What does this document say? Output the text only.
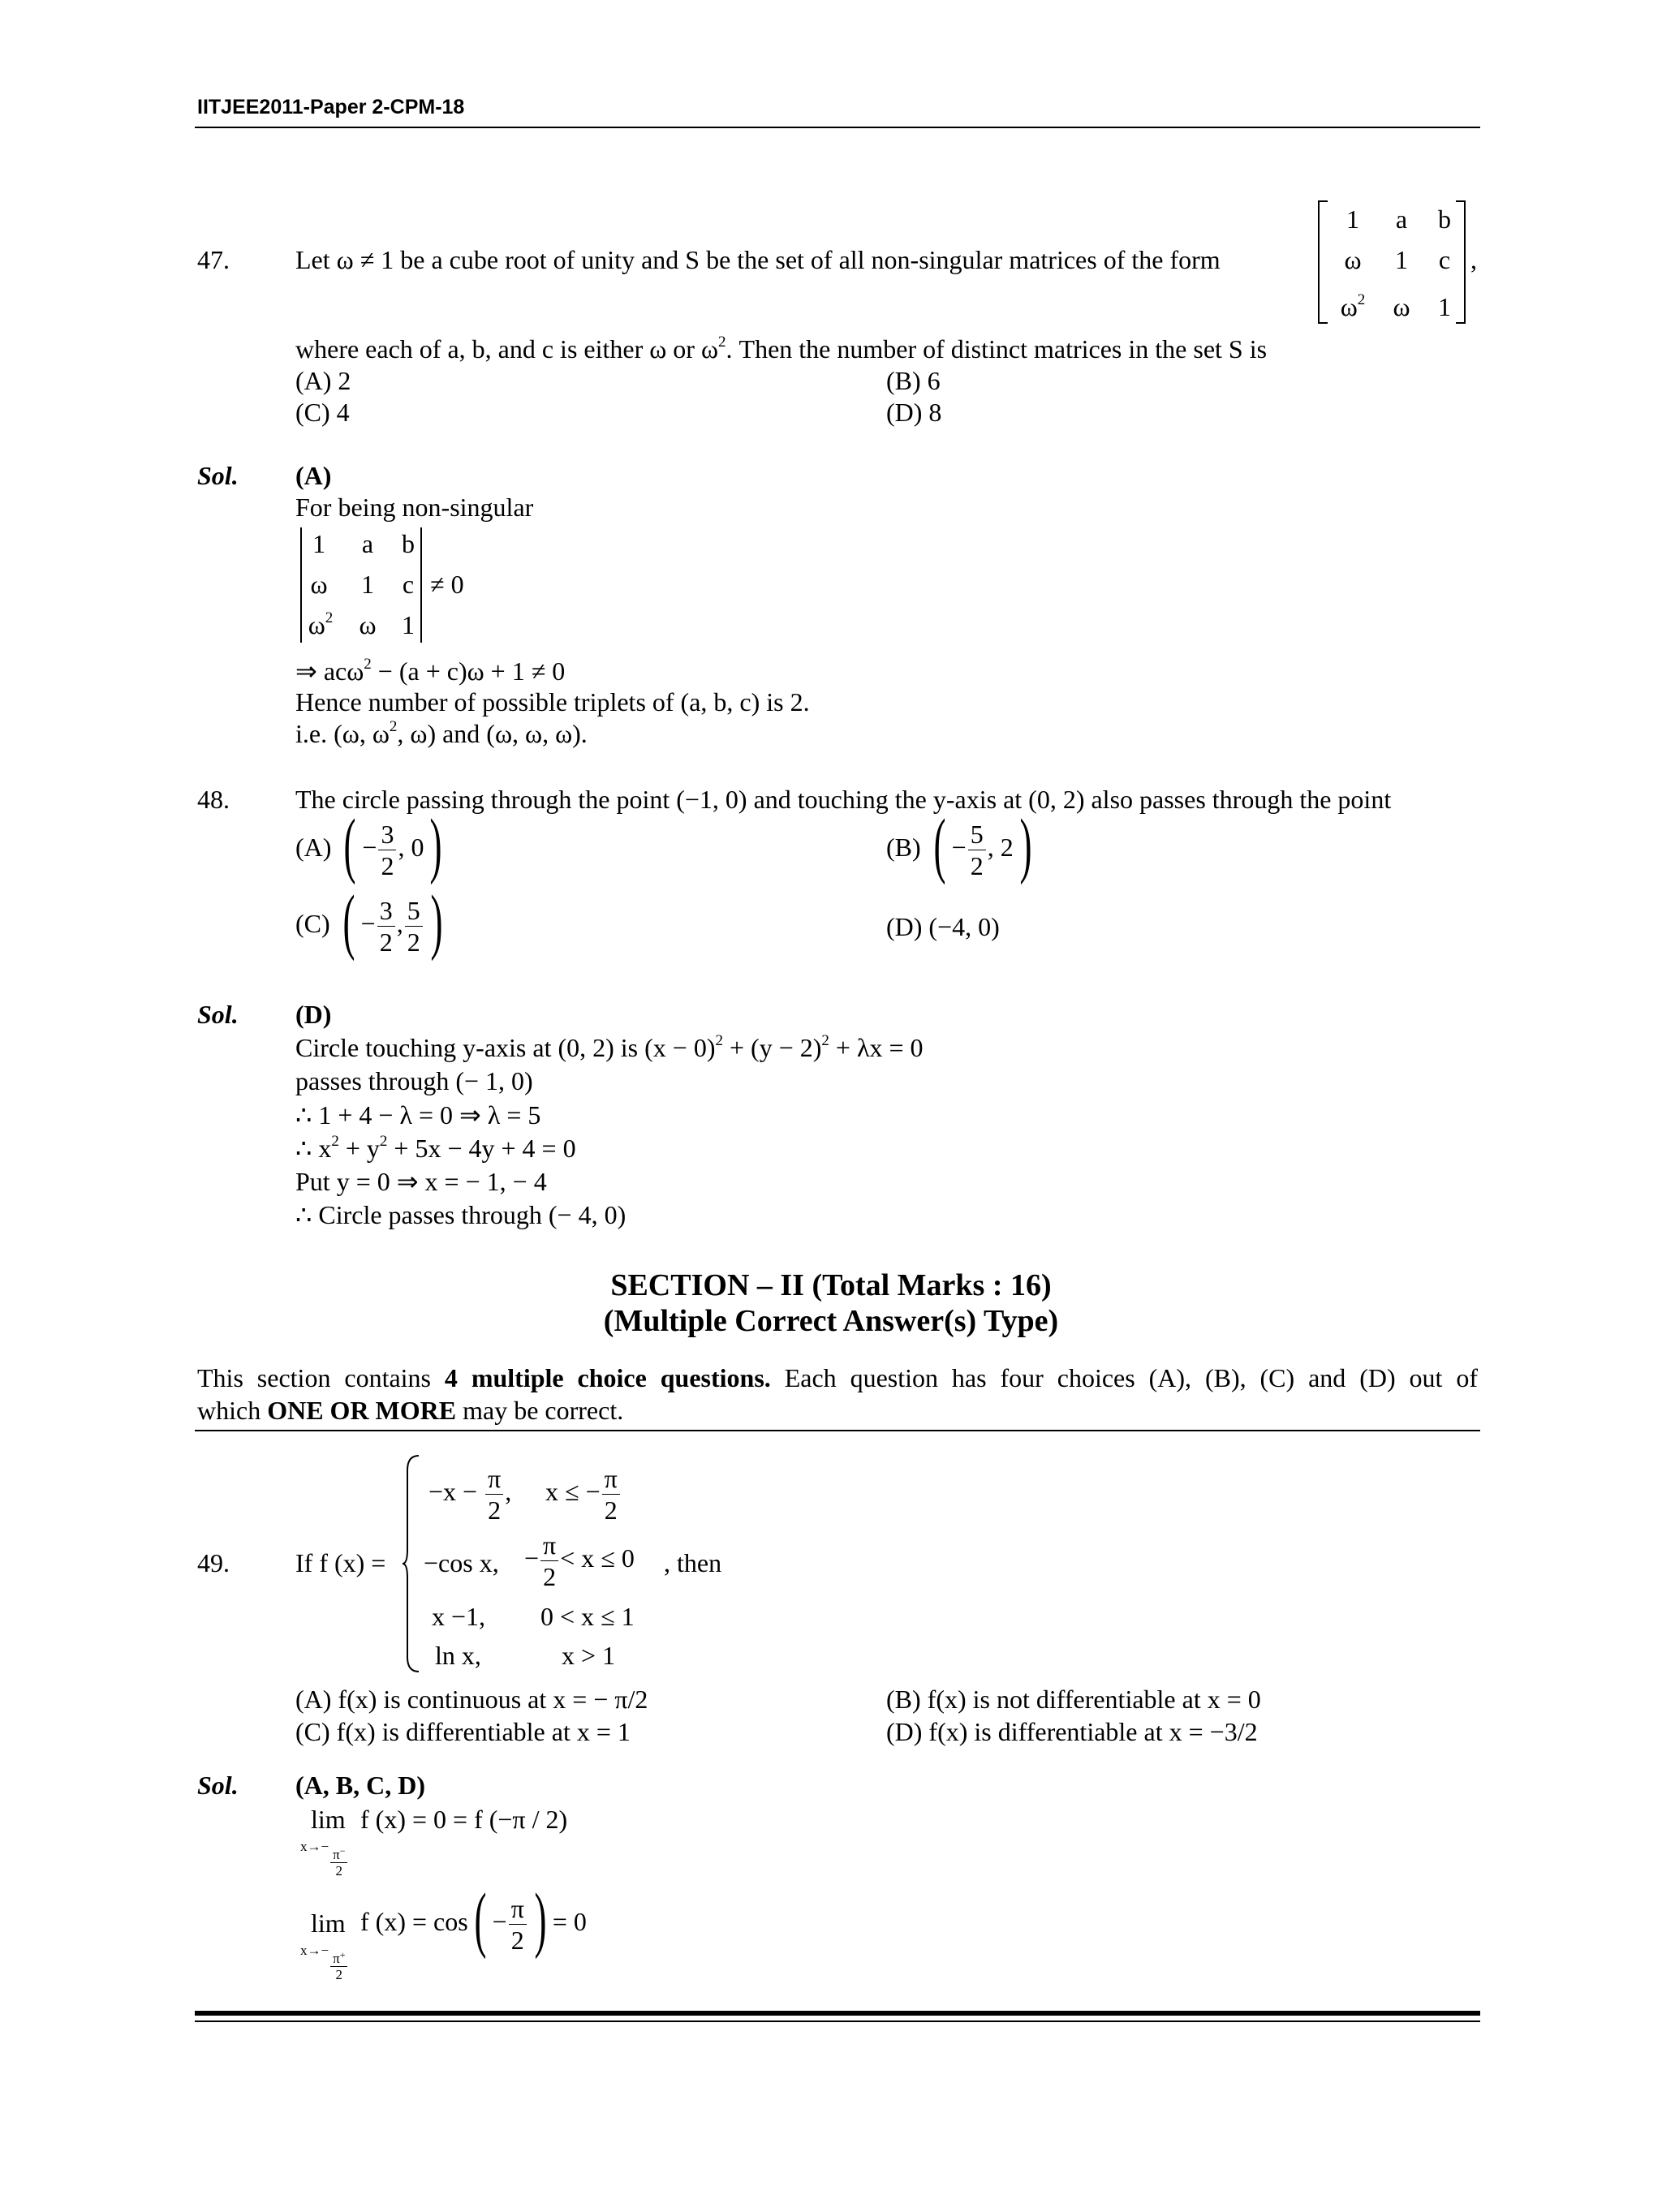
IITJEE2011-Paper 2-CPM-18
47.	Let ω ≠ 1 be a cube root of unity and S be the set of all non-singular matrices of the form
1	a	b
ω	1	c
$\omega^2$	ω	1
,
where each of a, b, and c is either ω or $\omega^2$. Then the number of distinct matrices in the set S is
(A) 2	(B) 6
(C) 4	(D) 8
Sol. (A)
For being non-singular
1	a	b
ω	1	c
$\omega^2$	ω 1
≠ 0
⇒ acω$^2$ − (a + c)ω + 1 ≠ 0
Hence number of possible triplets of (a, b, c) is 2.
i.e. (ω, $\omega^2$, ω) and (ω, ω, ω).
48.	The circle passing through the point (−1, 0) and touching the y-axis at (0, 2) also passes through the point
(A) ( − $\frac{3}{2}$ , 0)	(B) ( − $\frac{5}{2}$ , 2)
(C) ( − $\frac{3}{2}$ , $\frac{5}{2}$ )	(D) (−4, 0)
Sol. (D)
Circle touching y-axis at (0, 2) is $(x - 0)^2 + (y - 2)^2 + \lambda x = 0$
passes through (− 1, 0)
∴ 1 + 4 − λ = 0 ⇒ λ = 5
∴ $x^2 + y^2 + 5x - 4y + 4 = 0$
Put y = 0 ⇒ x = − 1, − 4
∴ Circle passes through (− 4, 0)
SECTION – II (Total Marks : 16)
(Multiple Correct Answer(s) Type)
This section contains 4 multiple choice questions. Each question has four choices (A), (B), (C) and (D) out of
which ONE OR MORE may be correct.
49.	If f (x) =
$-x - \frac{\pi}{2}$ , x ≤ − $\frac{\pi}{2}$
−cos x, − $\frac{\pi}{2} < x \le 0$ , then
x −1, 0 < x ≤ 1
ln x,	x > 1
(A) f(x) is continuous at x = − π/2	(B) f(x) is not differentiable at x = 0
(C) f(x) is differentiable at x = 1	(D) f(x) is differentiable at x = −3/2
Sol. (A, B, C, D)
lim f (x) = 0 = f (−π / 2)
x→−
$\frac{\pi^-}{2}$
lim f $(x) = \cos( - \frac{\pi}{2}$ ) = 0
x→−
$\frac{\pi^+}{2}$
